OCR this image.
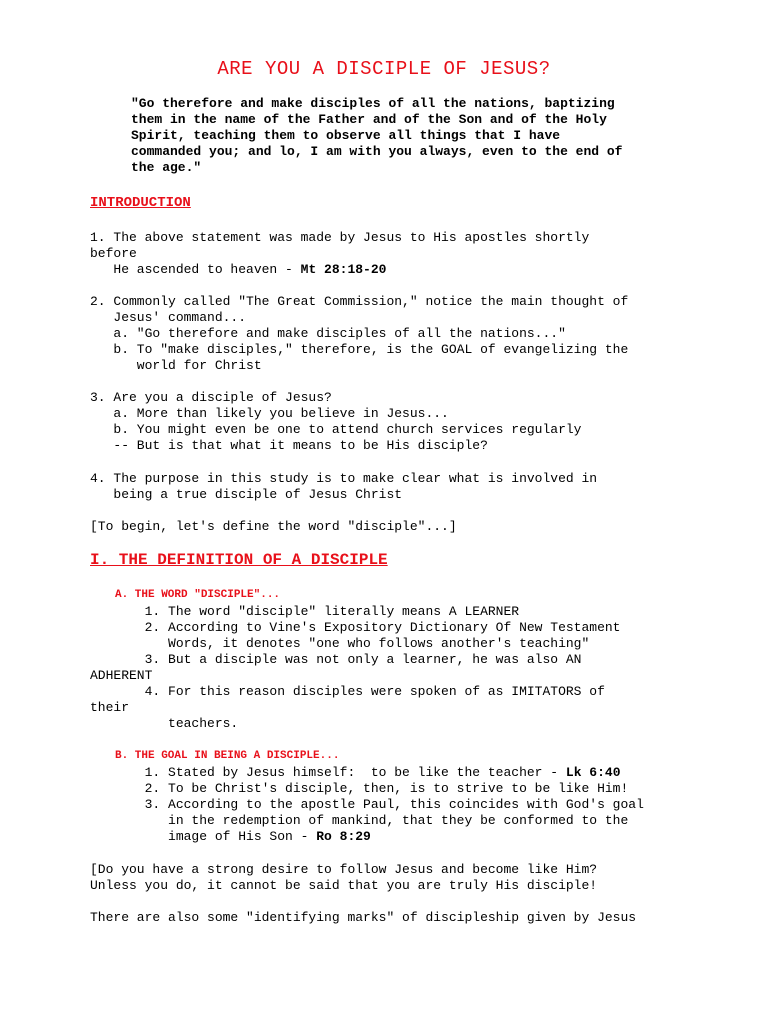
ARE YOU A DISCIPLE OF JESUS?
"Go therefore and make disciples of all the nations, baptizing
them in the name of the Father and of the Son and of the Holy
Spirit, teaching them to observe all things that I have
commanded you; and lo, I am with you always, even to the end of
the age."
INTRODUCTION
1. The above statement was made by Jesus to His apostles shortly
before
He ascended to heaven - Mt 28:18-20
2. Commonly called "The Great Commission," notice the main thought of
Jesus' command...
a. "Go therefore and make disciples of all the nations..."
b. To "make disciples," therefore, is the GOAL of evangelizing the
world for Christ
3. Are you a disciple of Jesus?
a. More than likely you believe in Jesus...
b. You might even be one to attend church services regularly
-- But is that what it means to be His disciple?
4. The purpose in this study is to make clear what is involved in
being a true disciple of Jesus Christ
[To begin, let's define the word "disciple"...]
I. THE DEFINITION OF A DISCIPLE
A. THE WORD "DISCIPLE"...
1. The word "disciple" literally means A LEARNER
2. According to Vine's Expository Dictionary Of New Testament
Words, it denotes "one who follows another's teaching"
3. But a disciple was not only a learner, he was also AN
ADHERENT
4. For this reason disciples were spoken of as IMITATORS of
their
teachers.
B. THE GOAL IN BEING A DISCIPLE...
1. Stated by Jesus himself:  to be like the teacher - Lk 6:40
2. To be Christ's disciple, then, is to strive to be like Him!
3. According to the apostle Paul, this coincides with God's goal
in the redemption of mankind, that they be conformed to the
image of His Son - Ro 8:29
[Do you have a strong desire to follow Jesus and become like Him?
Unless you do, it cannot be said that you are truly His disciple!
There are also some "identifying marks" of discipleship given by Jesus
